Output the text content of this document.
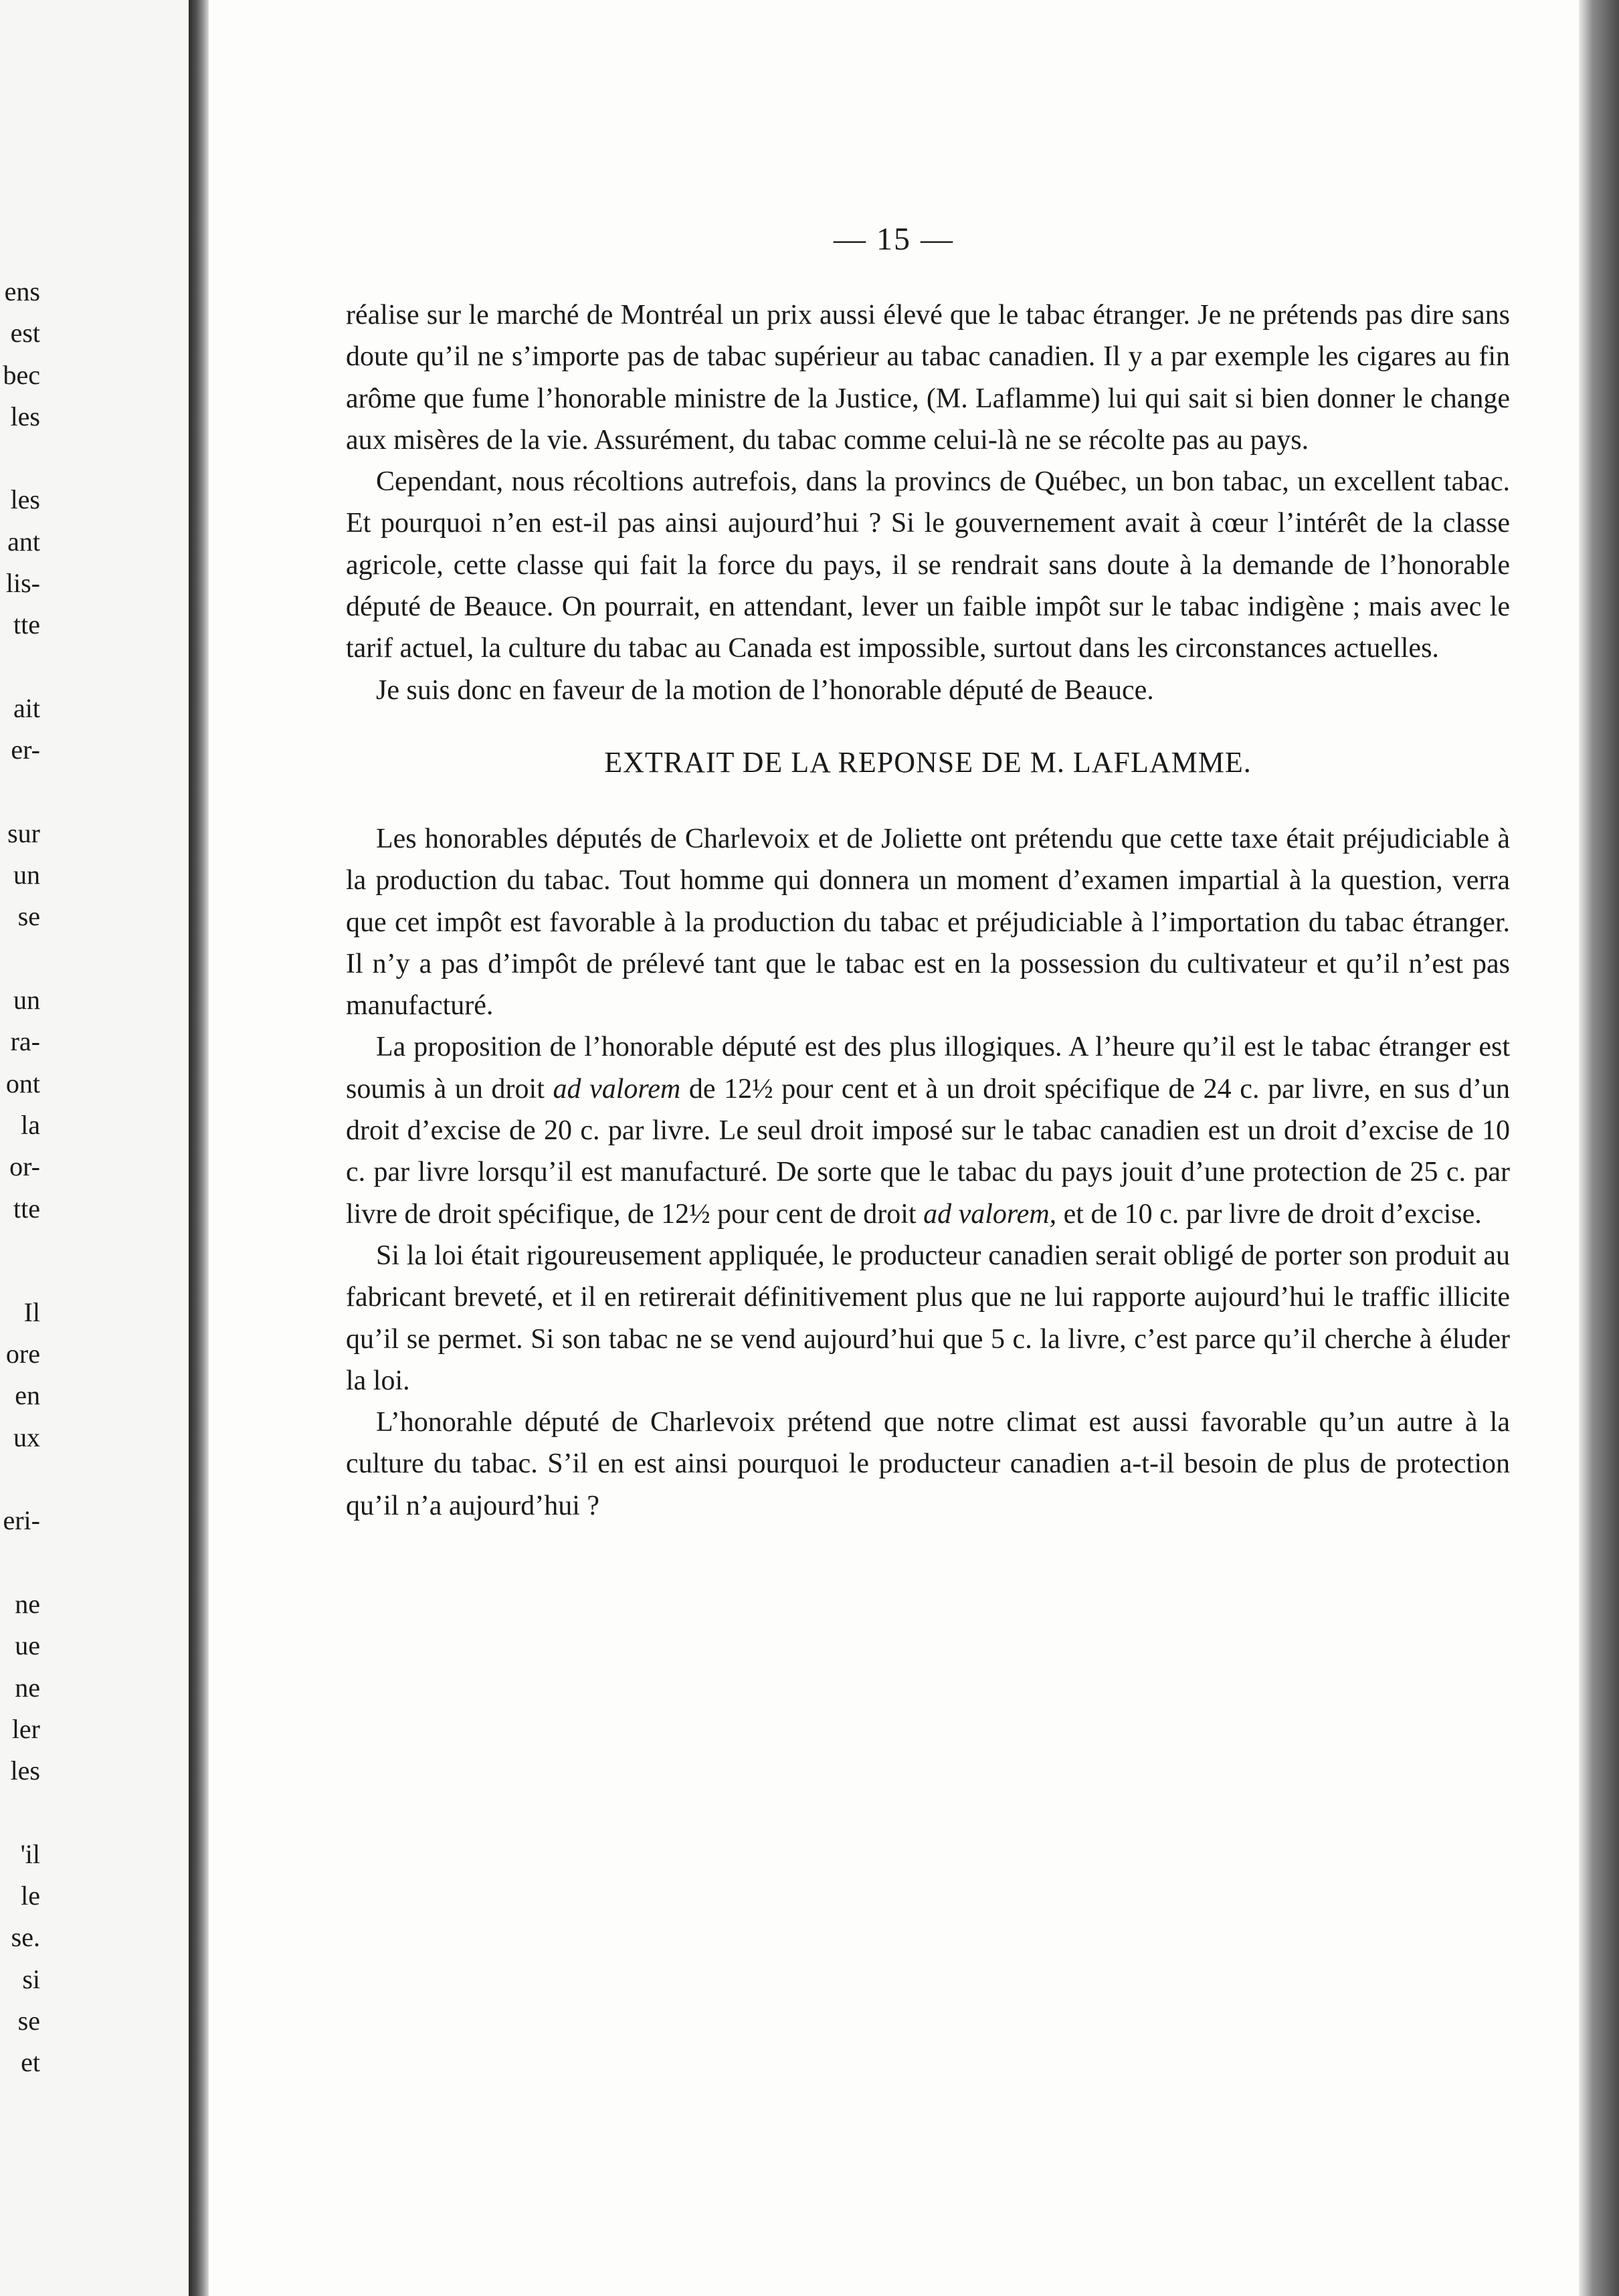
ens
est
bec
les
les
ant
lis-
tte
ait
er-
sur
un
se
un
ra-
ont
la
or-
tte
Il
ore
en
ux
eri-
ne
ue
ne
ler
les
'il
le
se.
si
se
et
— 15 —

réalise sur le marché de Montréal un prix aussi élevé que le tabac étranger. Je ne prétends pas dire sans doute qu’il ne s’importe pas de tabac supérieur au tabac canadien. Il y a par exemple les cigares au fin arôme que fume l’honorable ministre de la Justice, (M. Laflamme) lui qui sait si bien donner le change aux misères de la vie. Assurément, du tabac comme celui-là ne se récolte pas au pays.

Cependant, nous récoltions autrefois, dans la provincs de Québec, un bon tabac, un excellent tabac. Et pourquoi n’en est-il pas ainsi aujourd’hui ? Si le gouvernement avait à cœur l’intérêt de la classe agricole, cette classe qui fait la force du pays, il se rendrait sans doute à la demande de l’honorable député de Beauce. On pourrait, en attendant, lever un faible impôt sur le tabac indigène ; mais avec le tarif actuel, la culture du tabac au Canada est impossible, surtout dans les circonstances actuelles.

Je suis donc en faveur de la motion de l’honorable député de Beauce.

EXTRAIT DE LA REPONSE DE M. LAFLAMME.

Les honorables députés de Charlevoix et de Joliette ont prétendu que cette taxe était préjudiciable à la production du tabac. Tout homme qui donnera un moment d’examen impartial à la question, verra que cet impôt est favorable à la production du tabac et préjudiciable à l’importation du tabac étranger. Il n’y a pas d’impôt de prélevé tant que le tabac est en la possession du cultivateur et qu’il n’est pas manufacturé.

La proposition de l’honorable député est des plus illogiques. A l’heure qu’il est le tabac étranger est soumis à un droit ad valorem de 12½ pour cent et à un droit spécifique de 24 c. par livre, en sus d’un droit d’excise de 20 c. par livre. Le seul droit imposé sur le tabac canadien est un droit d’excise de 10 c. par livre lorsqu’il est manufacturé. De sorte que le tabac du pays jouit d’une protection de 25 c. par livre de droit spécifique, de 12½ pour cent de droit ad valorem, et de 10 c. par livre de droit d’excise.

Si la loi était rigoureusement appliquée, le producteur canadien serait obligé de porter son produit au fabricant breveté, et il en retirerait définitivement plus que ne lui rapporte aujourd’hui le traffic illicite qu’il se permet. Si son tabac ne se vend aujourd’hui que 5 c. la livre, c’est parce qu’il cherche à éluder la loi.

L’honorahle député de Charlevoix prétend que notre climat est aussi favorable qu’un autre à la culture du tabac. S’il en est ainsi pourquoi le producteur canadien a-t-il besoin de plus de protection qu’il n’a aujourd’hui ?
